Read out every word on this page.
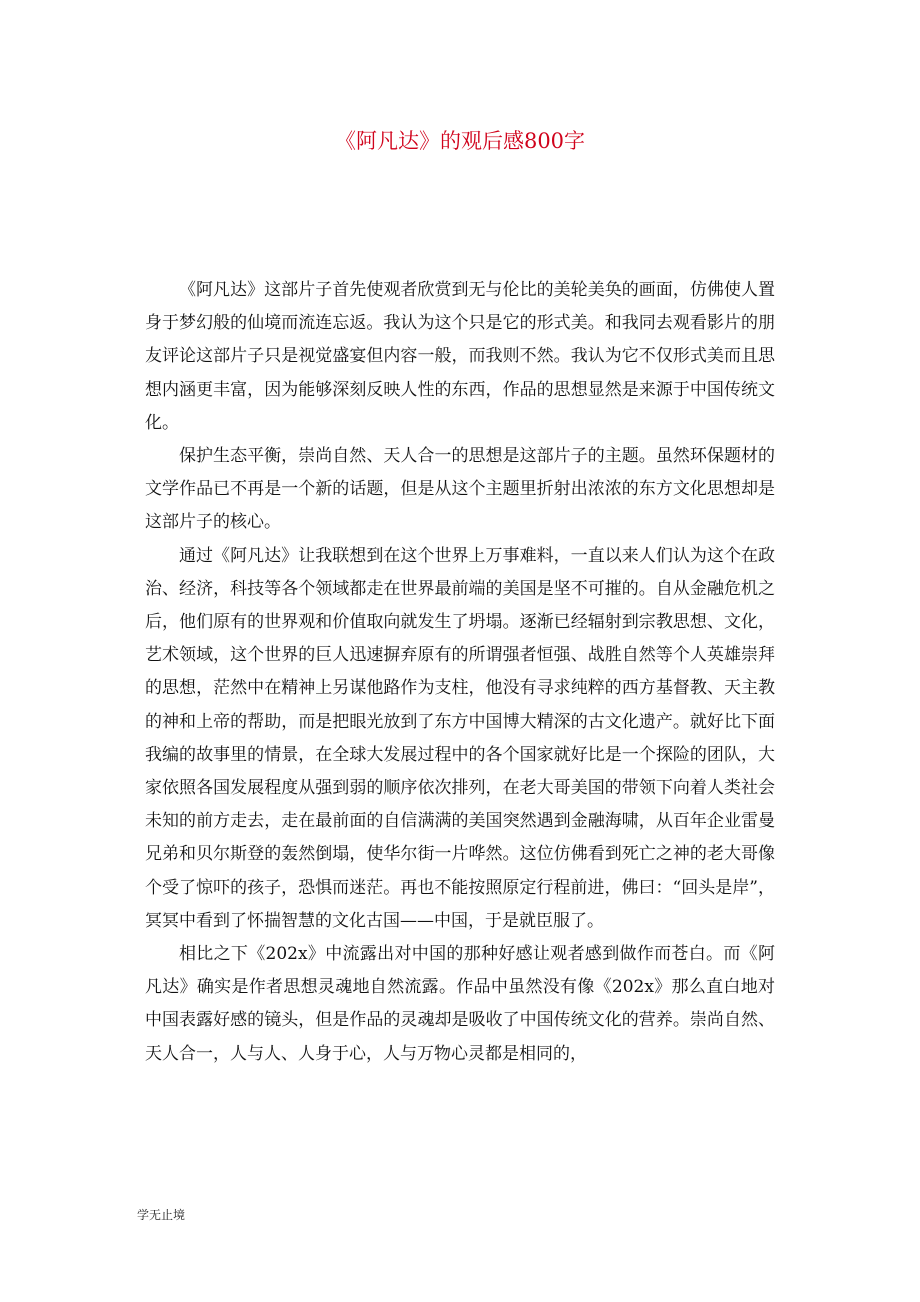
《阿凡达》的观后感800字

《阿凡达》这部片子首先使观者欣赏到无与伦比的美轮美奂的画面，仿佛使人置身于梦幻般的仙境而流连忘返。我认为这个只是它的形式美。和我同去观看影片的朋友评论这部片子只是视觉盛宴但内容一般，而我则不然。我认为它不仅形式美而且思想内涵更丰富，因为能够深刻反映人性的东西，作品的思想显然是来源于中国传统文化。

保护生态平衡，崇尚自然、天人合一的思想是这部片子的主题。虽然环保题材的文学作品已不再是一个新的话题，但是从这个主题里折射出浓浓的东方文化思想却是这部片子的核心。

通过《阿凡达》让我联想到在这个世界上万事难料，一直以来人们认为这个在政治、经济，科技等各个领域都走在世界最前端的美国是坚不可摧的。自从金融危机之后，他们原有的世界观和价值取向就发生了坍塌。逐渐已经辐射到宗教思想、文化，艺术领域，这个世界的巨人迅速摒弃原有的所谓强者恒强、战胜自然等个人英雄崇拜的思想，茫然中在精神上另谋他路作为支柱，他没有寻求纯粹的西方基督教、天主教的神和上帝的帮助，而是把眼光放到了东方中国博大精深的古文化遗产。就好比下面我编的故事里的情景，在全球大发展过程中的各个国家就好比是一个探险的团队，大家依照各国发展程度从强到弱的顺序依次排列，在老大哥美国的带领下向着人类社会未知的前方走去，走在最前面的自信满满的美国突然遇到金融海啸，从百年企业雷曼兄弟和贝尔斯登的轰然倒塌，使华尔街一片哗然。这位仿佛看到死亡之神的老大哥像个受了惊吓的孩子，恐惧而迷茫。再也不能按照原定行程前进，佛曰：“回头是岸”，冥冥中看到了怀揣智慧的文化古国——中国，于是就臣服了。

相比之下《202x》中流露出对中国的那种好感让观者感到做作而苍白。而《阿凡达》确实是作者思想灵魂地自然流露。作品中虽然没有像《202x》那么直白地对中国表露好感的镜头，但是作品的灵魂却是吸收了中国传统文化的营养。崇尚自然、天人合一，人与人、人身于心，人与万物心灵都是相同的，

学无止境
